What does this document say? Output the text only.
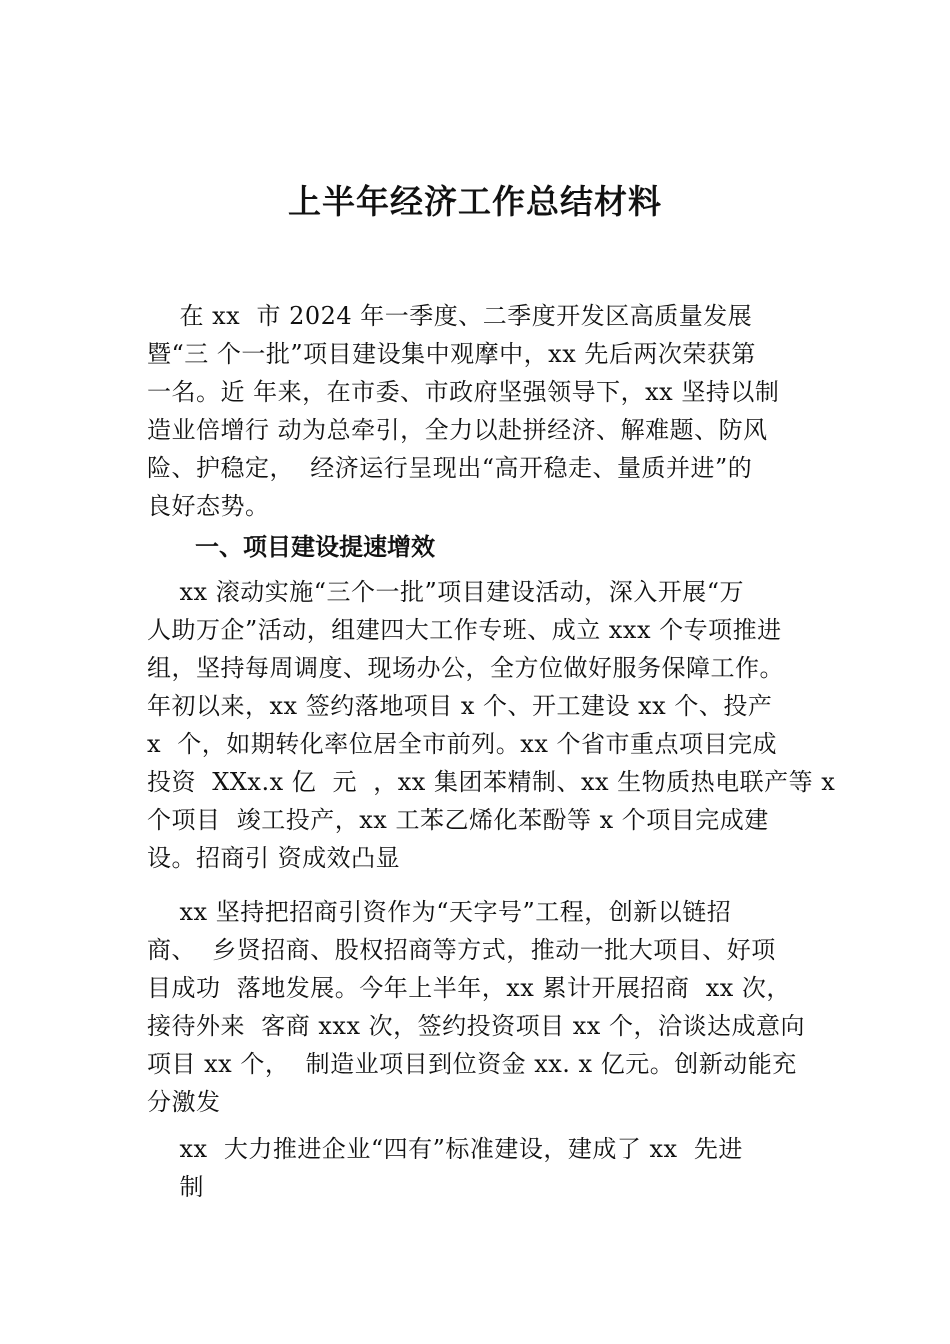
上半年经济工作总结材料
在 xx  市 2024 年一季度、二季度开发区高质量发展
暨“三 个一批”项目建设集中观摩中，xx 先后两次荣获第
一名。近 年来，在市委、市政府坚强领导下，xx 坚持以制
造业倍增行 动为总牵引，全力以赴拼经济、解难题、防风
险、护稳定，  经济运行呈现出“高开稳走、量质并进”的
良好态势。
一、项目建设提速增效
xx 滚动实施“三个一批”项目建设活动，深入开展“万
人助万企”活动，组建四大工作专班、成立 xxx 个专项推进
组，坚持每周调度、现场办公，全方位做好服务保障工作。
年初以来，xx 签约落地项目 x 个、开工建设 xx 个、投产
x  个，如期转化率位居全市前列。xx 个省市重点项目完成
投资  XXx.x 亿  元  ，xx 集团苯精制、xx 生物质热电联产等 x
个项目  竣工投产，xx 工苯乙烯化苯酚等 x 个项目完成建
设。招商引 资成效凸显
xx 坚持把招商引资作为“天字号”工程，创新以链招
商、  乡贤招商、股权招商等方式，推动一批大项目、好项
目成功  落地发展。今年上半年，xx 累计开展招商  xx 次，
接待外来  客商 xxx 次，签约投资项目 xx 个，洽谈达成意向
项目 xx 个，  制造业项目到位资金 xx. x 亿元。创新动能充
分激发
xx  大力推进企业“四有”标准建设，建成了 xx  先进
制
